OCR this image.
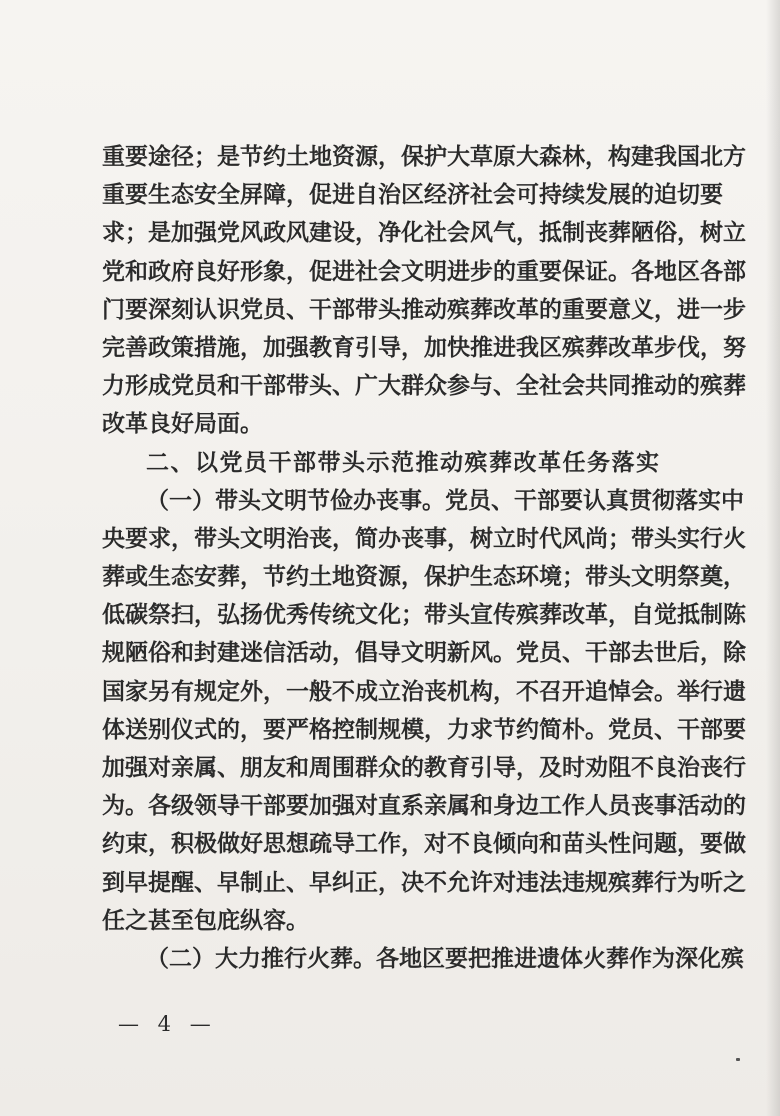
重要途径；是节约土地资源，保护大草原大森林，构建我国北方
重要生态安全屏障，促进自治区经济社会可持续发展的迫切要
求；是加强党风政风建设，净化社会风气，抵制丧葬陋俗，树立
党和政府良好形象，促进社会文明进步的重要保证。各地区各部
门要深刻认识党员、干部带头推动殡葬改革的重要意义，进一步
完善政策措施，加强教育引导，加快推进我区殡葬改革步伐，努
力形成党员和干部带头、广大群众参与、全社会共同推动的殡葬
改革良好局面。
二、以党员干部带头示范推动殡葬改革任务落实
（一）带头文明节俭办丧事。党员、干部要认真贯彻落实中
央要求，带头文明治丧，简办丧事，树立时代风尚；带头实行火
葬或生态安葬，节约土地资源，保护生态环境；带头文明祭奠，
低碳祭扫，弘扬优秀传统文化；带头宣传殡葬改革，自觉抵制陈
规陋俗和封建迷信活动，倡导文明新风。党员、干部去世后，除
国家另有规定外，一般不成立治丧机构，不召开追悼会。举行遗
体送别仪式的，要严格控制规模，力求节约简朴。党员、干部要
加强对亲属、朋友和周围群众的教育引导，及时劝阻不良治丧行
为。各级领导干部要加强对直系亲属和身边工作人员丧事活动的
约束，积极做好思想疏导工作，对不良倾向和苗头性问题，要做
到早提醒、早制止、早纠正，决不允许对违法违规殡葬行为听之
任之甚至包庇纵容。
（二）大力推行火葬。各地区要把推进遗体火葬作为深化殡
— 4 —
